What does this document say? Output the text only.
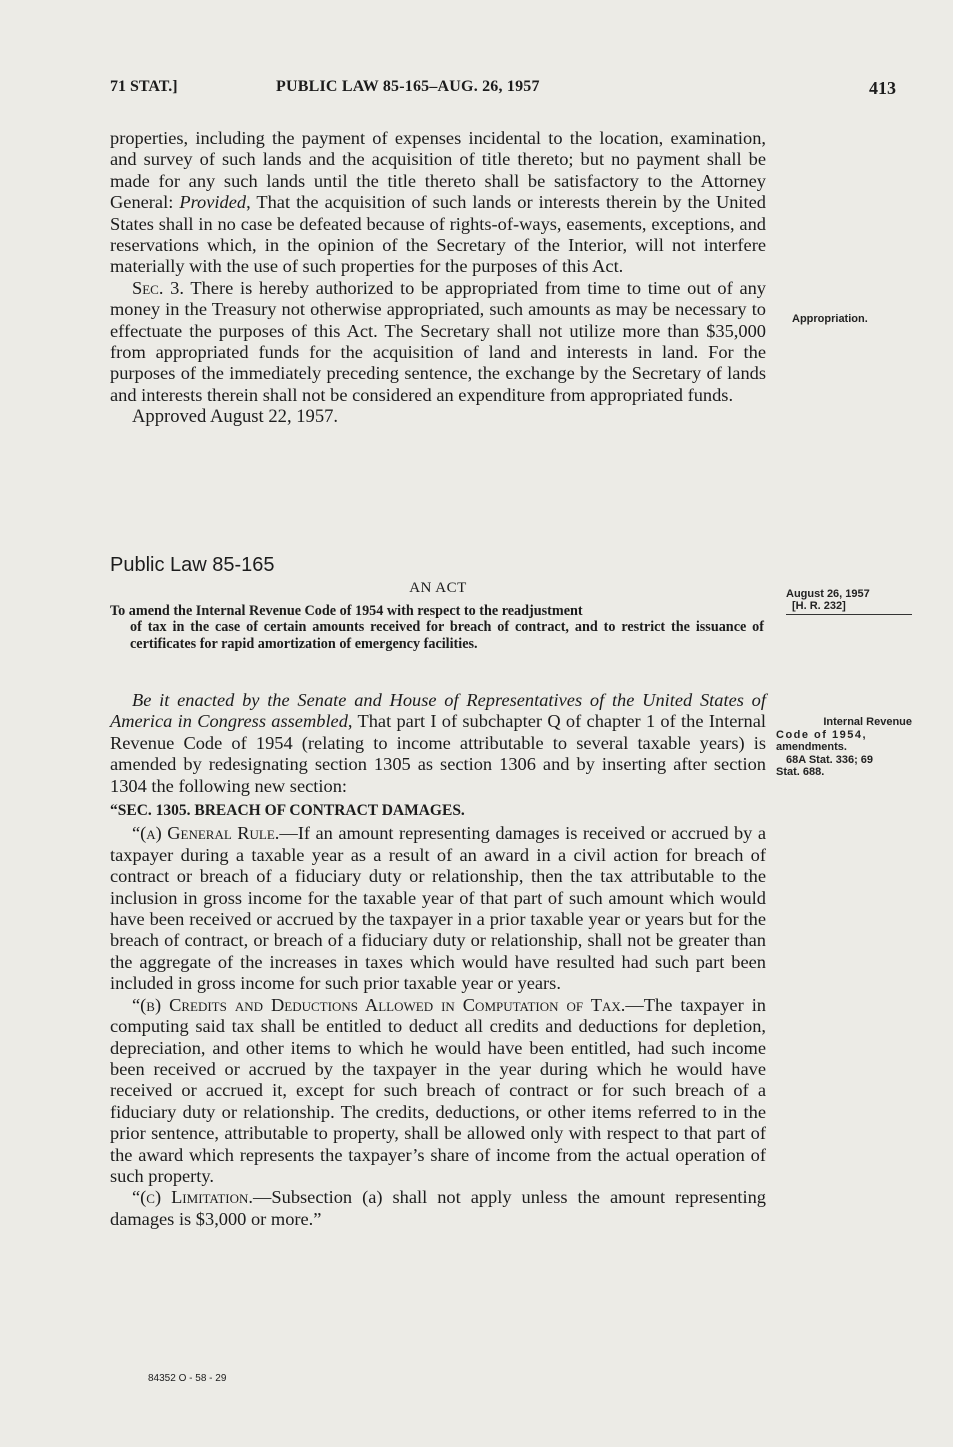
71 STAT.]	PUBLIC LAW 85-165–AUG. 26, 1957	413

properties, including the payment of expenses incidental to the location, examination, and survey of such lands and the acquisition of title thereto; but no payment shall be made for any such lands until the title thereto shall be satisfactory to the Attorney General: Provided, That the acquisition of such lands or interests therein by the United States shall in no case be defeated because of rights-of-ways, easements, exceptions, and reservations which, in the opinion of the Secretary of the Interior, will not interfere materially with the use of such properties for the purposes of this Act.

Sec. 3. There is hereby authorized to be appropriated from time to time out of any money in the Treasury not otherwise appropriated, such amounts as may be necessary to effectuate the purposes of this Act. The Secretary shall not utilize more than $35,000 from appropriated funds for the acquisition of land and interests in land. For the purposes of the immediately preceding sentence, the exchange by the Secretary of lands and interests therein shall not be considered an expenditure from appropriated funds.

Approved August 22, 1957.

Public Law 85-165
AN ACT
To amend the Internal Revenue Code of 1954 with respect to the readjustment
of tax in the case of certain amounts received for breach of contract, and to restrict the issuance of certificates for rapid amortization of emergency facilities.

Be it enacted by the Senate and House of Representatives of the United States of America in Congress assembled, That part I of subchapter Q of chapter 1 of the Internal Revenue Code of 1954 (relating to income attributable to several taxable years) is amended by redesignating section 1305 as section 1306 and by inserting after section 1304 the following new section:

“SEC. 1305. BREACH OF CONTRACT DAMAGES.

“(a) General Rule.—If an amount representing damages is received or accrued by a taxpayer during a taxable year as a result of an award in a civil action for breach of contract or breach of a fiduciary duty or relationship, then the tax attributable to the inclusion in gross income for the taxable year of that part of such amount which would have been received or accrued by the taxpayer in a prior taxable year or years but for the breach of contract, or breach of a fiduciary duty or relationship, shall not be greater than the aggregate of the increases in taxes which would have resulted had such part been included in gross income for such prior taxable year or years.

“(b) Credits and Deductions Allowed in Computation of Tax.—The taxpayer in computing said tax shall be entitled to deduct all credits and deductions for depletion, depreciation, and other items to which he would have been entitled, had such income been received or accrued by the taxpayer in the year during which he would have received or accrued it, except for such breach of contract or for such breach of a fiduciary duty or relationship. The credits, deductions, or other items referred to in the prior sentence, attributable to property, shall be allowed only with respect to that part of the award which represents the taxpayer’s share of income from the actual operation of such property.

“(c) Limitation.—Subsection (a) shall not apply unless the amount representing damages is $3,000 or more.”

Appropriation.
August 26, 1957
[H. R. 232]
Internal Revenue
Code of 1954,
amendments.
68A Stat. 336; 69
Stat. 688.
84352 O - 58 - 29
